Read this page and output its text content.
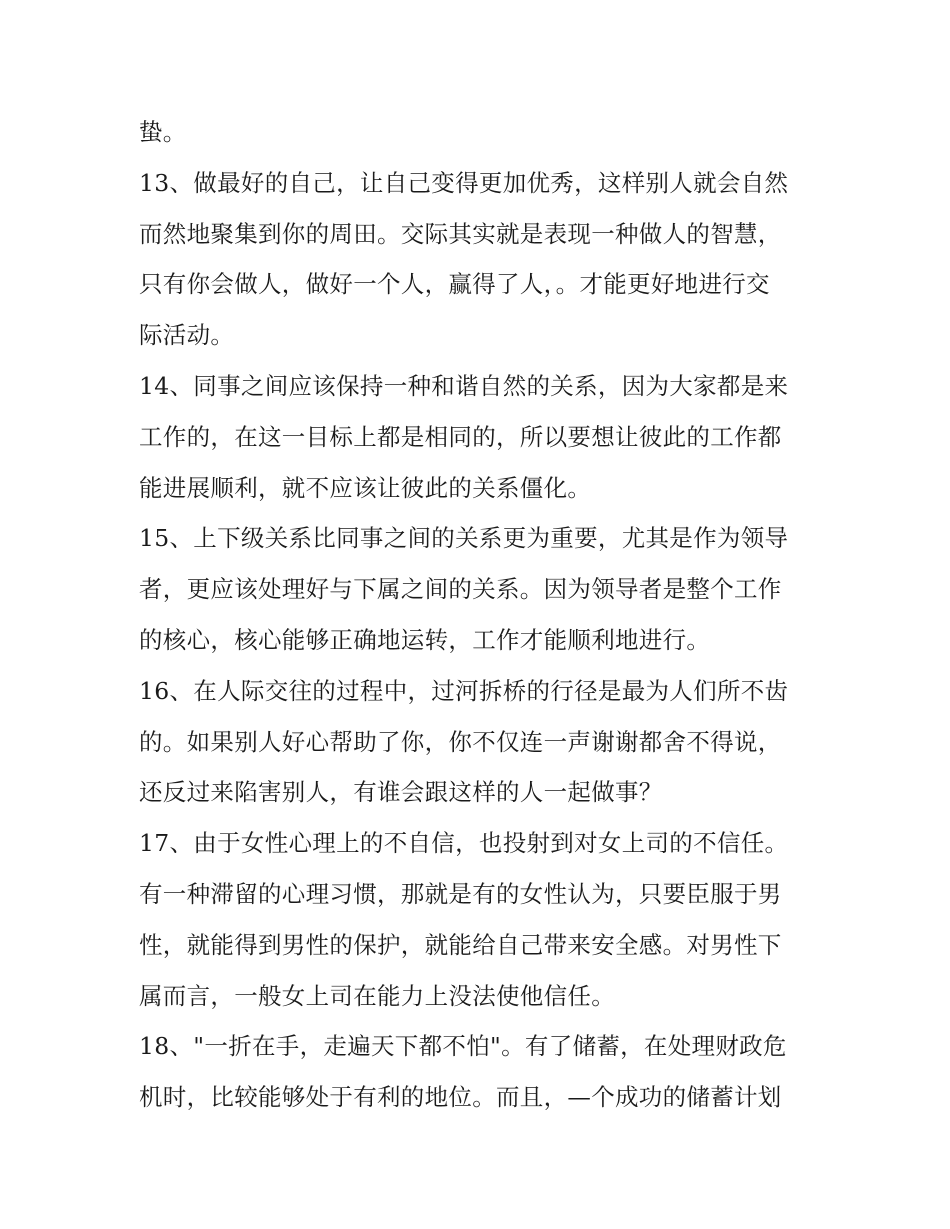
蛰。
13、做最好的自己，让自己变得更加优秀，这样别人就会自然
而然地聚集到你的周田。交际其实就是表现一种做人的智慧，
只有你会做人，做好一个人，赢得了人，。才能更好地进行交
际活动。
14、同事之间应该保持一种和谐自然的关系，因为大家都是来
工作的，在这一目标上都是相同的，所以要想让彼此的工作都
能进展顺利，就不应该让彼此的关系僵化。
15、上下级关系比同事之间的关系更为重要，尤其是作为领导
者，更应该处理好与下属之间的关系。因为领导者是整个工作
的核心，核心能够正确地运转，工作才能顺利地进行。
16、在人际交往的过程中，过河拆桥的行径是最为人们所不齿
的。如果别人好心帮助了你，你不仅连一声谢谢都舍不得说，
还反过来陷害别人，有谁会跟这样的人一起做事？
17、由于女性心理上的不自信，也投射到对女上司的不信任。
有一种滞留的心理习惯，那就是有的女性认为，只要臣服于男
性，就能得到男性的保护，就能给自己带来安全感。对男性下
属而言，一般女上司在能力上没法使他信任。
18、"一折在手，走遍天下都不怕"。有了储蓄，在处理财政危
机时，比较能够处于有利的地位。而且，—个成功的储蓄计划
